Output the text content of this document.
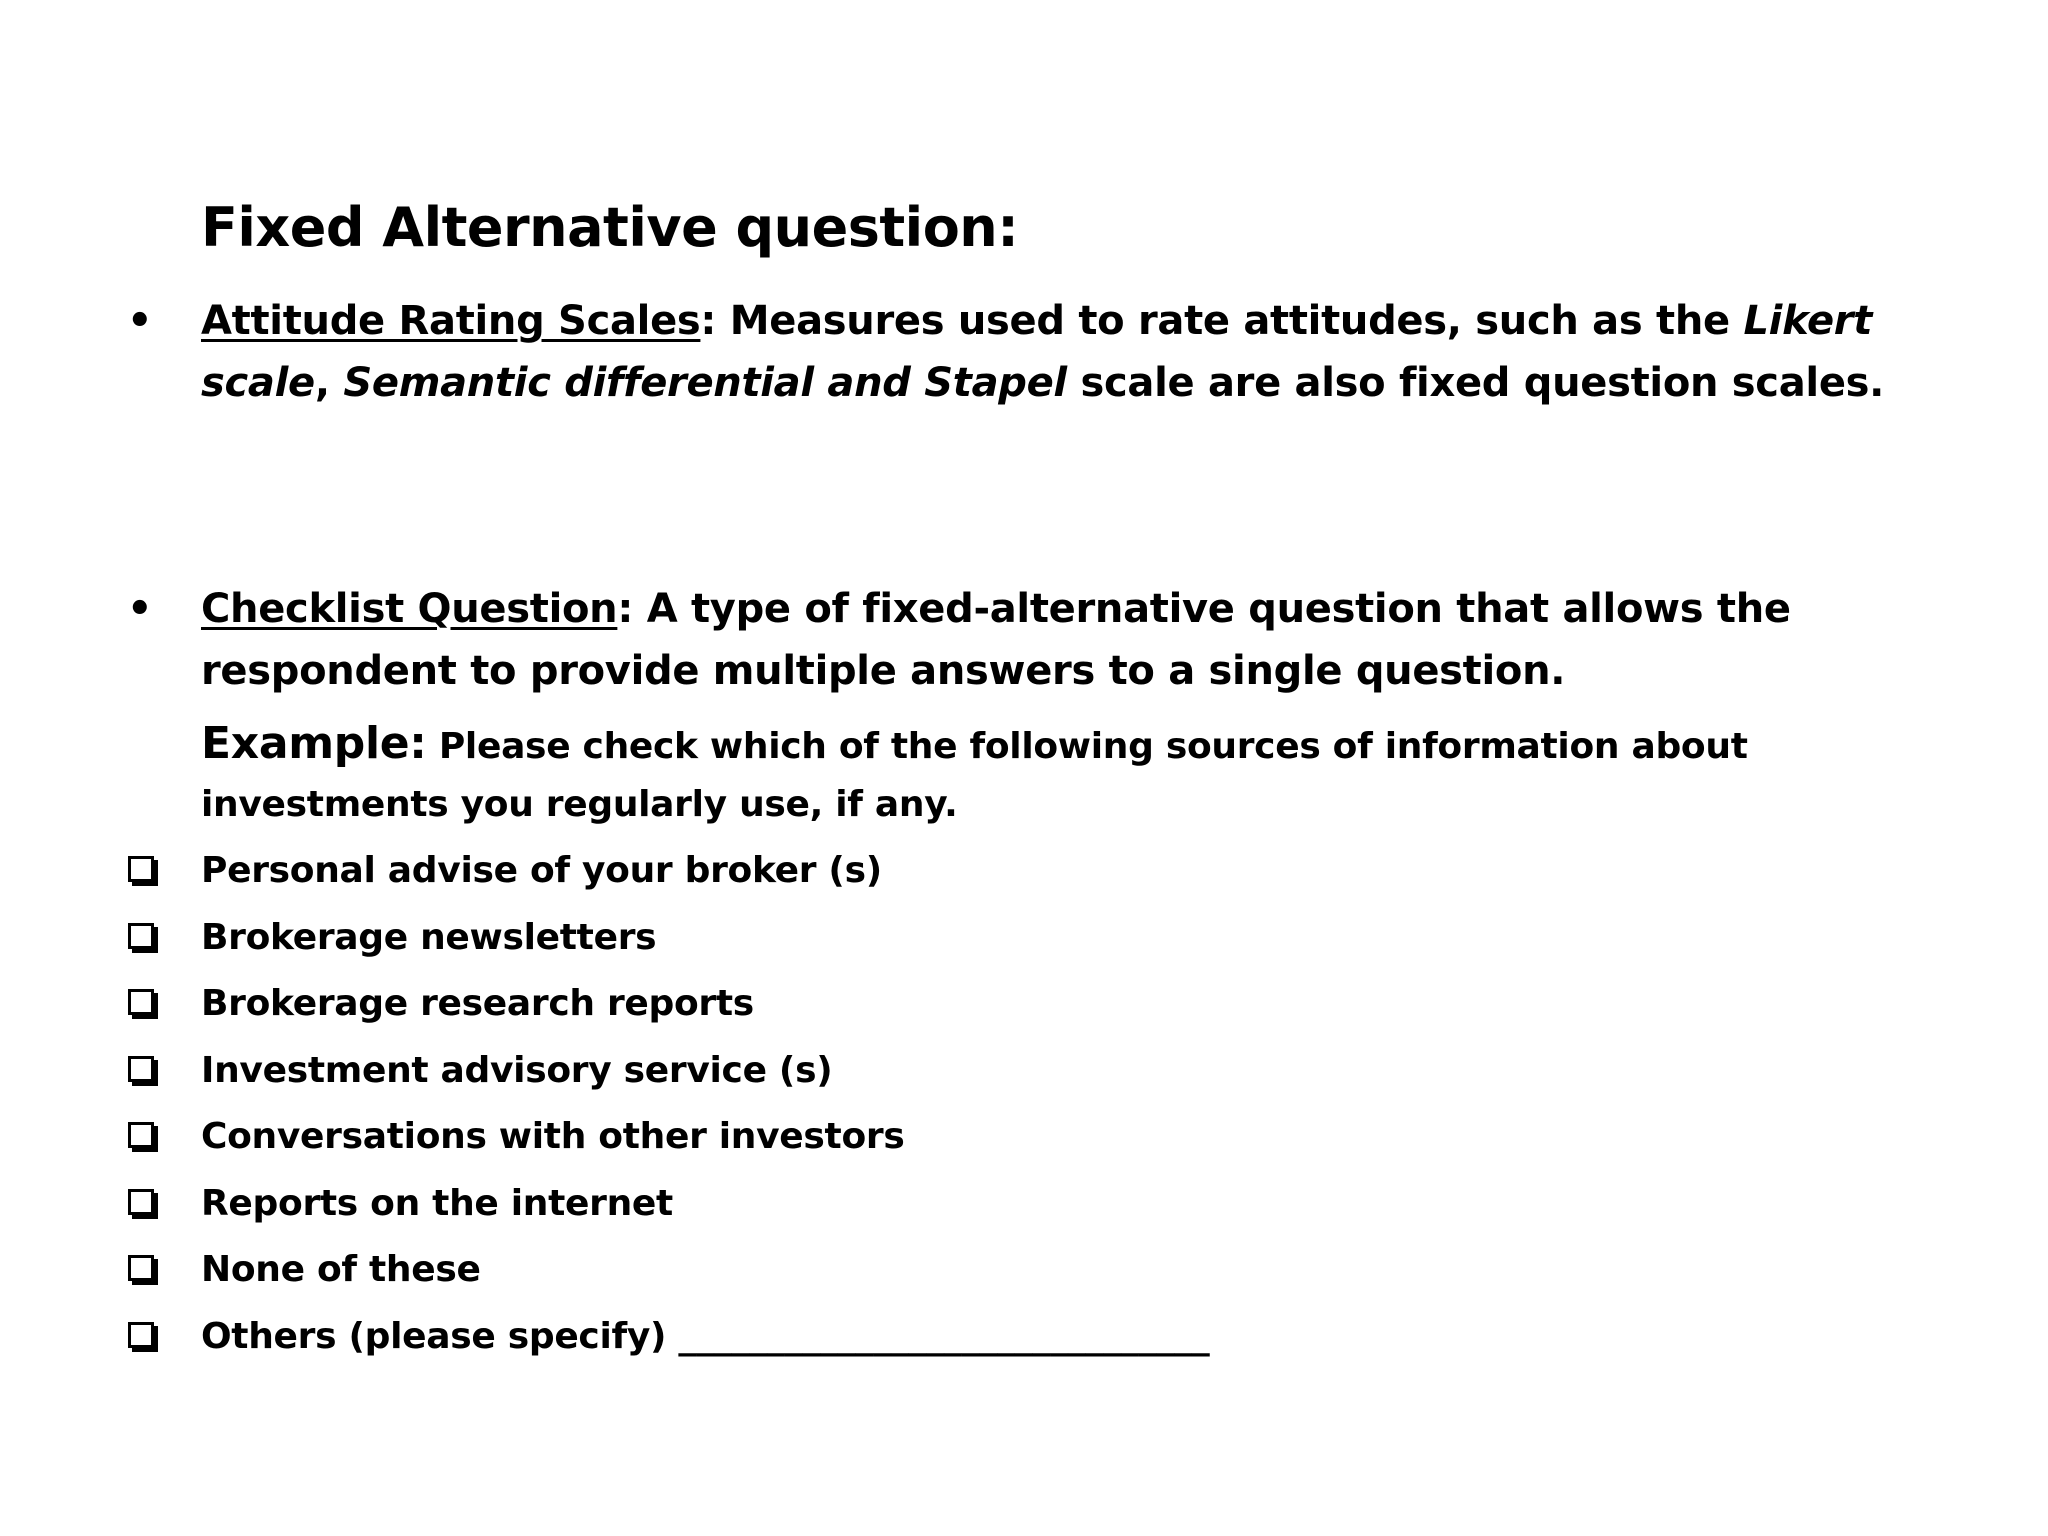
Fixed Alternative question:
• Attitude Rating Scales: Measures used to rate attitudes, such as the Likert scale, Semantic differential and Stapel scale are also fixed question scales.
• Checklist Question: A type of fixed-alternative question that allows the respondent to provide multiple answers to a single question.
Example: Please check which of the following sources of information about investments you regularly use, if any.
Personal advise of your broker (s)
Brokerage newsletters
Brokerage research reports
Investment advisory service (s)
Conversations with other investors
Reports on the internet
None of these
Others (please specify) ______________________________
